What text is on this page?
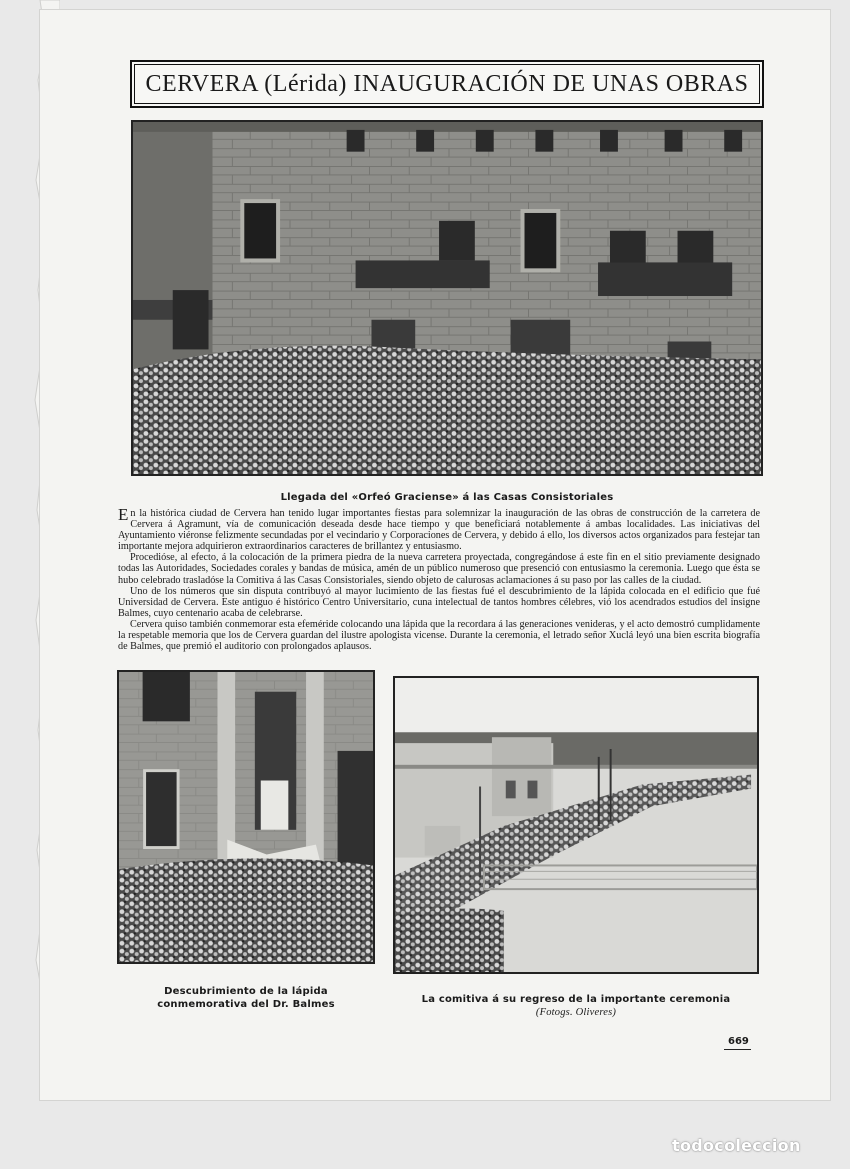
CERVERA (Lérida) INAUGURACIÓN DE UNAS OBRAS
Llegada del «Orfeó Graciense» á las Casas Consistoriales

En la histórica ciudad de Cervera han tenido lugar importantes fiestas para solemnizar la inauguración de las obras de construcción de la carretera de Cervera á Agramunt, vía de comunicación deseada desde hace tiempo y que beneficiará notablemente á ambas localidades. Las iniciativas del Ayuntamiento viéronse felizmente secundadas por el vecindario y Corporaciones de Cervera, y debido á ello, los diversos actos organizados para festejar tan importante mejora adquirieron extraordinarios caracteres de brillantez y entusiasmo.

Procedióse, al efecto, á la colocación de la primera piedra de la nueva carretera proyectada, congregándose á este fin en el sitio previamente designado todas las Autoridades, Sociedades corales y bandas de música, amén de un público numeroso que presenció con entusiasmo la ceremonia. Luego que ésta se hubo celebrado trasladóse la Comitiva á las Casas Consistoriales, siendo objeto de calurosas aclamaciones á su paso por las calles de la ciudad.

Uno de los números que sin disputa contribuyó al mayor lucimiento de las fiestas fué el descubrimiento de la lápida colocada en el edificio que fué Universidad de Cervera. Este antiguo é histórico Centro Universitario, cuna intelectual de tantos hombres célebres, vió los acendrados estudios del insigne Balmes, cuyo centenario acaba de celebrarse.

Cervera quiso también conmemorar esta efeméride colocando una lápida que la recordara á las generaciones venideras, y el acto demostró cumplidamente la respetable memoria que los de Cervera guardan del ilustre apologista vicense. Durante la ceremonia, el letrado señor Xuclá leyó una bien escrita biografía de Balmes, que premió el auditorio con prolongados aplausos.

Descubrimiento de la lápida conmemorativa del Dr. Balmes	La comitiva á su regreso de la importante ceremonia
(Fotogs. Oliveres)
669
todocoleccion
